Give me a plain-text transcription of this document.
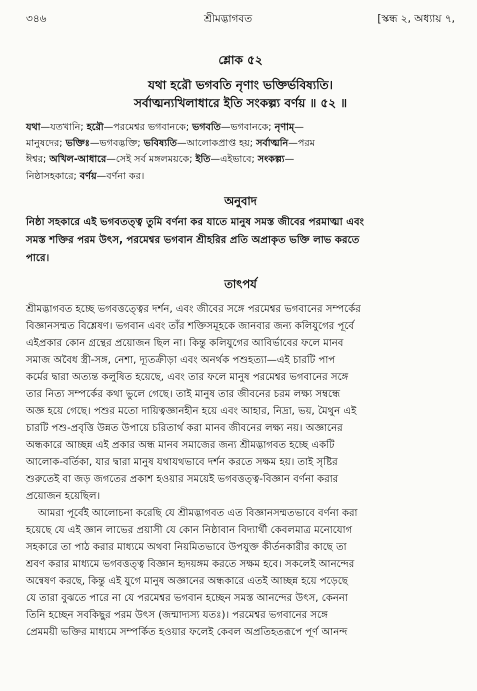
৩৪৬	শ্রীমদ্ভাগবত	[স্কন্ধ ২, অধ্যায় ৭,
শ্লোক ৫২
যথা হরৌ ভগবতি নৃণাং ভক্তির্ভবিষ্যতি।
সর্বাত্মন্যখিলাধারে ইতি সংকল্প্য বর্ণয় ॥ ৫২ ॥
যথা—যতখানি; হরৌ—পরমেশ্বর ভগবানকে; ভগবতি—ভগবানকে; নৃণাম্—
মানুষদের; ভক্তিঃ—ভগবদ্ভক্তি; ভবিষ্যতি—আলোকপ্রাপ্ত হয়; সর্বাত্মনি—পরম
ঈশ্বর; অখিল-আধারে—সেই সর্ব মঙ্গলময়কে; ইতি—এইভাবে; সংকল্প্য—
নিষ্ঠাসহকারে; বর্ণয়—বর্ণনা কর।
অনুবাদ
নিষ্ঠা সহকারে এই ভগবতত্ত্ব তুমি বর্ণনা কর যাতে মানুষ সমস্ত জীবের পরমাত্মা এবং
সমস্ত শক্তির পরম উৎস, পরমেশ্বর ভগবান শ্রীহরির প্রতি অপ্রাকৃত ভক্তি লাভ করতে
পারে।
তাৎপর্য
শ্রীমদ্ভাগবত হচ্ছে ভগবত্তত্ত্বের দর্শন, এবং জীবের সঙ্গে পরমেশ্বর ভগবানের সম্পর্কের
বিজ্ঞানসম্মত বিশ্লেষণ। ভগবান এবং তাঁর শক্তিসমূহকে জানবার জন্য কলিযুগের পূর্বে
এইপ্রকার কোন গ্রন্থের প্রয়োজন ছিল না। কিন্তু কলিযুগের আবির্ভাবের ফলে মানব
সমাজ অবৈধ স্ত্রী-সঙ্গ, নেশা, দ্যূতক্রীড়া এবং অনর্থক পশুহত্যা—এই চারটি পাপ
কর্মের দ্বারা অত্যন্ত কলুষিত হয়েছে, এবং তার ফলে মানুষ পরমেশ্বর ভগবানের সঙ্গে
তার নিত্য সম্পর্কের কথা ভুলে গেছে। তাই মানুষ তার জীবনের চরম লক্ষ্য সম্বন্ধে
অজ্ঞ হয়ে গেছে। পশুর মতো দায়িত্বজ্ঞানহীন হয়ে এবং আহার, নিদ্রা, ভয়, মৈথুন এই
চারটি পশু-প্রবৃত্তি উন্নত উপায়ে চরিতার্থ করা মানব জীবনের লক্ষ্য নয়। অজ্ঞানের
অন্ধকারে আচ্ছন্ন এই প্রকার অন্ধ মানব সমাজের জন্য শ্রীমদ্ভাগবত হচ্ছে একটি
আলোক-বর্তিকা, যার দ্বারা মানুষ যথাযথভাবে দর্শন করতে সক্ষম হয়। তাই সৃষ্টির
শুরুতেই বা জড় জগতের প্রকাশ হওয়ার সময়েই ভগবত্তত্ত্ব-বিজ্ঞান বর্ণনা করার
প্রয়োজন হয়েছিল।
আমরা পূর্বেই আলোচনা করেছি যে শ্রীমদ্ভাগবত এত বিজ্ঞানসম্মতভাবে বর্ণনা করা
হয়েছে যে এই জ্ঞান লাভের প্রয়াসী যে কোন নিষ্ঠাবান বিদ্যার্থী কেবলমাত্র মনোযোগ
সহকারে তা পাঠ করার মাধ্যমে অথবা নিয়মিতভাবে উপযুক্ত কীর্তনকারীর কাছে তা
শ্রবণ করার মাধ্যমে ভগবত্তত্ত্ব বিজ্ঞান হৃদয়ঙ্গম করতে সক্ষম হবে। সকলেই আনন্দের
অন্বেষণ করছে, কিন্তু এই যুগে মানুষ অজ্ঞানের অন্ধকারে এতই আচ্ছন্ন হয়ে পড়েছে
যে তারা বুঝতে পারে না যে পরমেশ্বর ভগবান হচ্ছেন সমস্ত আনন্দের উৎস, কেননা
তিনি হচ্ছেন সবকিছুর পরম উৎস (জন্মাদ্যস্য যতঃ)। পরমেশ্বর ভগবানের সঙ্গে
প্রেমময়ী ভক্তির মাধ্যমে সম্পর্কিত হওয়ার ফলেই কেবল অপ্রতিহতরূপে পূর্ণ আনন্দ
